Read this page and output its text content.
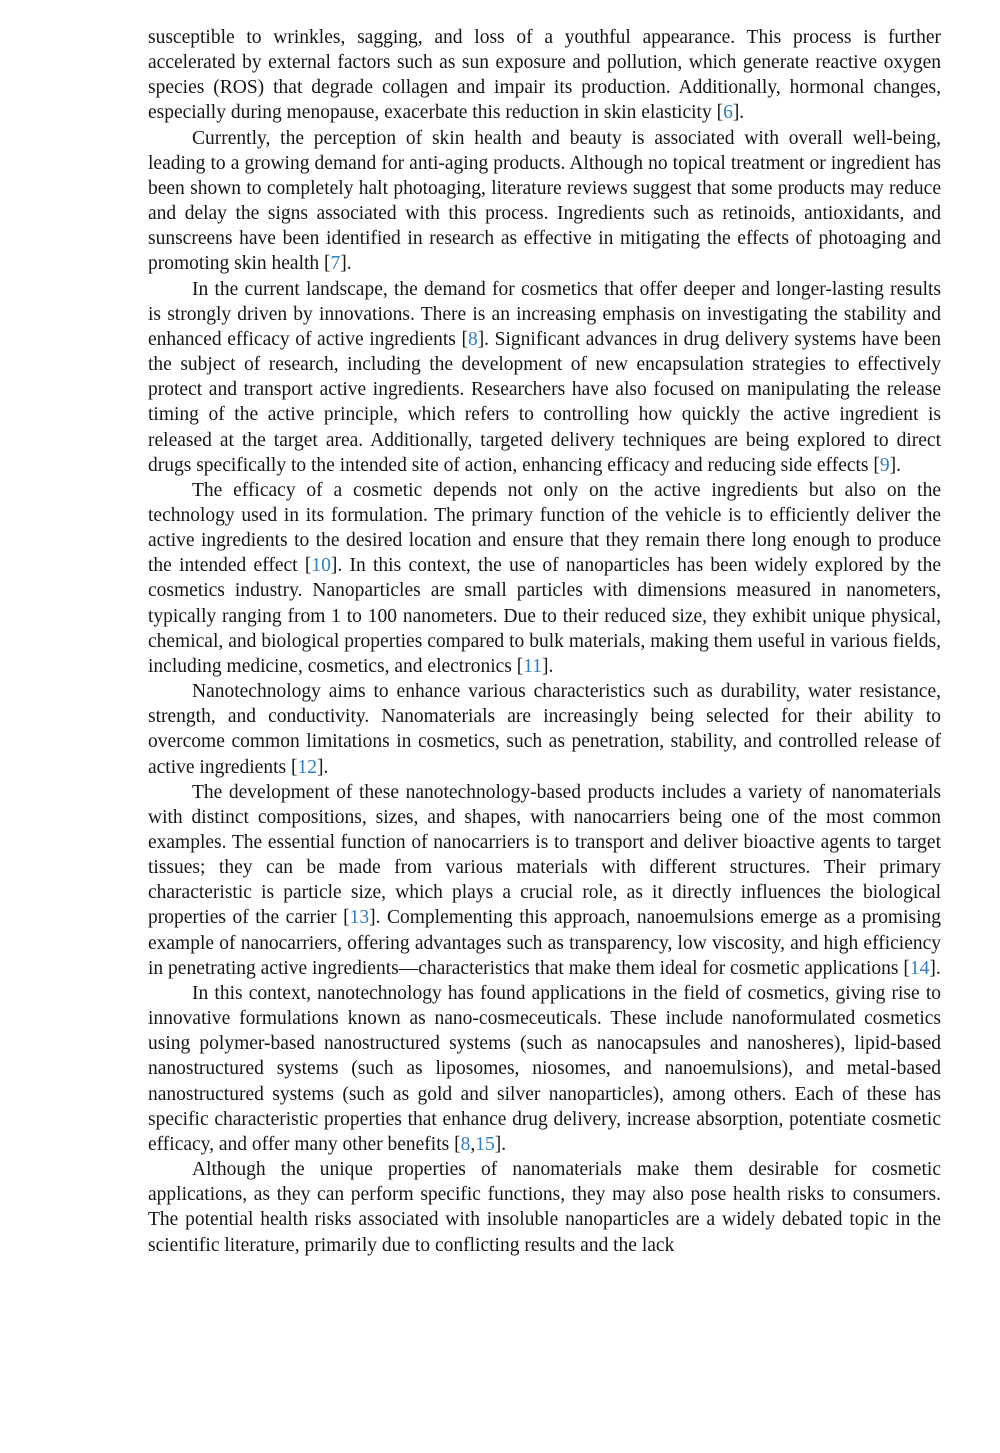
susceptible to wrinkles, sagging, and loss of a youthful appearance. This process is further accelerated by external factors such as sun exposure and pollution, which generate reactive oxygen species (ROS) that degrade collagen and impair its production. Additionally, hormonal changes, especially during menopause, exacerbate this reduction in skin elasticity [6].

Currently, the perception of skin health and beauty is associated with overall well-being, leading to a growing demand for anti-aging products. Although no topical treatment or ingredient has been shown to completely halt photoaging, literature reviews suggest that some products may reduce and delay the signs associated with this process. Ingredients such as retinoids, antioxidants, and sunscreens have been identified in research as effective in mitigating the effects of photoaging and promoting skin health [7].

In the current landscape, the demand for cosmetics that offer deeper and longer-lasting results is strongly driven by innovations. There is an increasing emphasis on investigating the stability and enhanced efficacy of active ingredients [8]. Significant advances in drug delivery systems have been the subject of research, including the development of new encapsulation strategies to effectively protect and transport active ingredients. Researchers have also focused on manipulating the release timing of the active principle, which refers to controlling how quickly the active ingredient is released at the target area. Additionally, targeted delivery techniques are being explored to direct drugs specifically to the intended site of action, enhancing efficacy and reducing side effects [9].

The efficacy of a cosmetic depends not only on the active ingredients but also on the technology used in its formulation. The primary function of the vehicle is to efficiently deliver the active ingredients to the desired location and ensure that they remain there long enough to produce the intended effect [10]. In this context, the use of nanoparticles has been widely explored by the cosmetics industry. Nanoparticles are small particles with dimensions measured in nanometers, typically ranging from 1 to 100 nanometers. Due to their reduced size, they exhibit unique physical, chemical, and biological properties compared to bulk materials, making them useful in various fields, including medicine, cosmetics, and electronics [11].

Nanotechnology aims to enhance various characteristics such as durability, water resistance, strength, and conductivity. Nanomaterials are increasingly being selected for their ability to overcome common limitations in cosmetics, such as penetration, stability, and controlled release of active ingredients [12].

The development of these nanotechnology-based products includes a variety of nanomaterials with distinct compositions, sizes, and shapes, with nanocarriers being one of the most common examples. The essential function of nanocarriers is to transport and deliver bioactive agents to target tissues; they can be made from various materials with different structures. Their primary characteristic is particle size, which plays a crucial role, as it directly influences the biological properties of the carrier [13]. Complementing this approach, nanoemulsions emerge as a promising example of nanocarriers, offering advantages such as transparency, low viscosity, and high efficiency in penetrating active ingredients—characteristics that make them ideal for cosmetic applications [14].

In this context, nanotechnology has found applications in the field of cosmetics, giving rise to innovative formulations known as nano-cosmeceuticals. These include nanoformulated cosmetics using polymer-based nanostructured systems (such as nanocapsules and nanosheres), lipid-based nanostructured systems (such as liposomes, niosomes, and nanoemulsions), and metal-based nanostructured systems (such as gold and silver nanoparticles), among others. Each of these has specific characteristic properties that enhance drug delivery, increase absorption, potentiate cosmetic efficacy, and offer many other benefits [8,15].

Although the unique properties of nanomaterials make them desirable for cosmetic applications, as they can perform specific functions, they may also pose health risks to consumers. The potential health risks associated with insoluble nanoparticles are a widely debated topic in the scientific literature, primarily due to conflicting results and the lack
